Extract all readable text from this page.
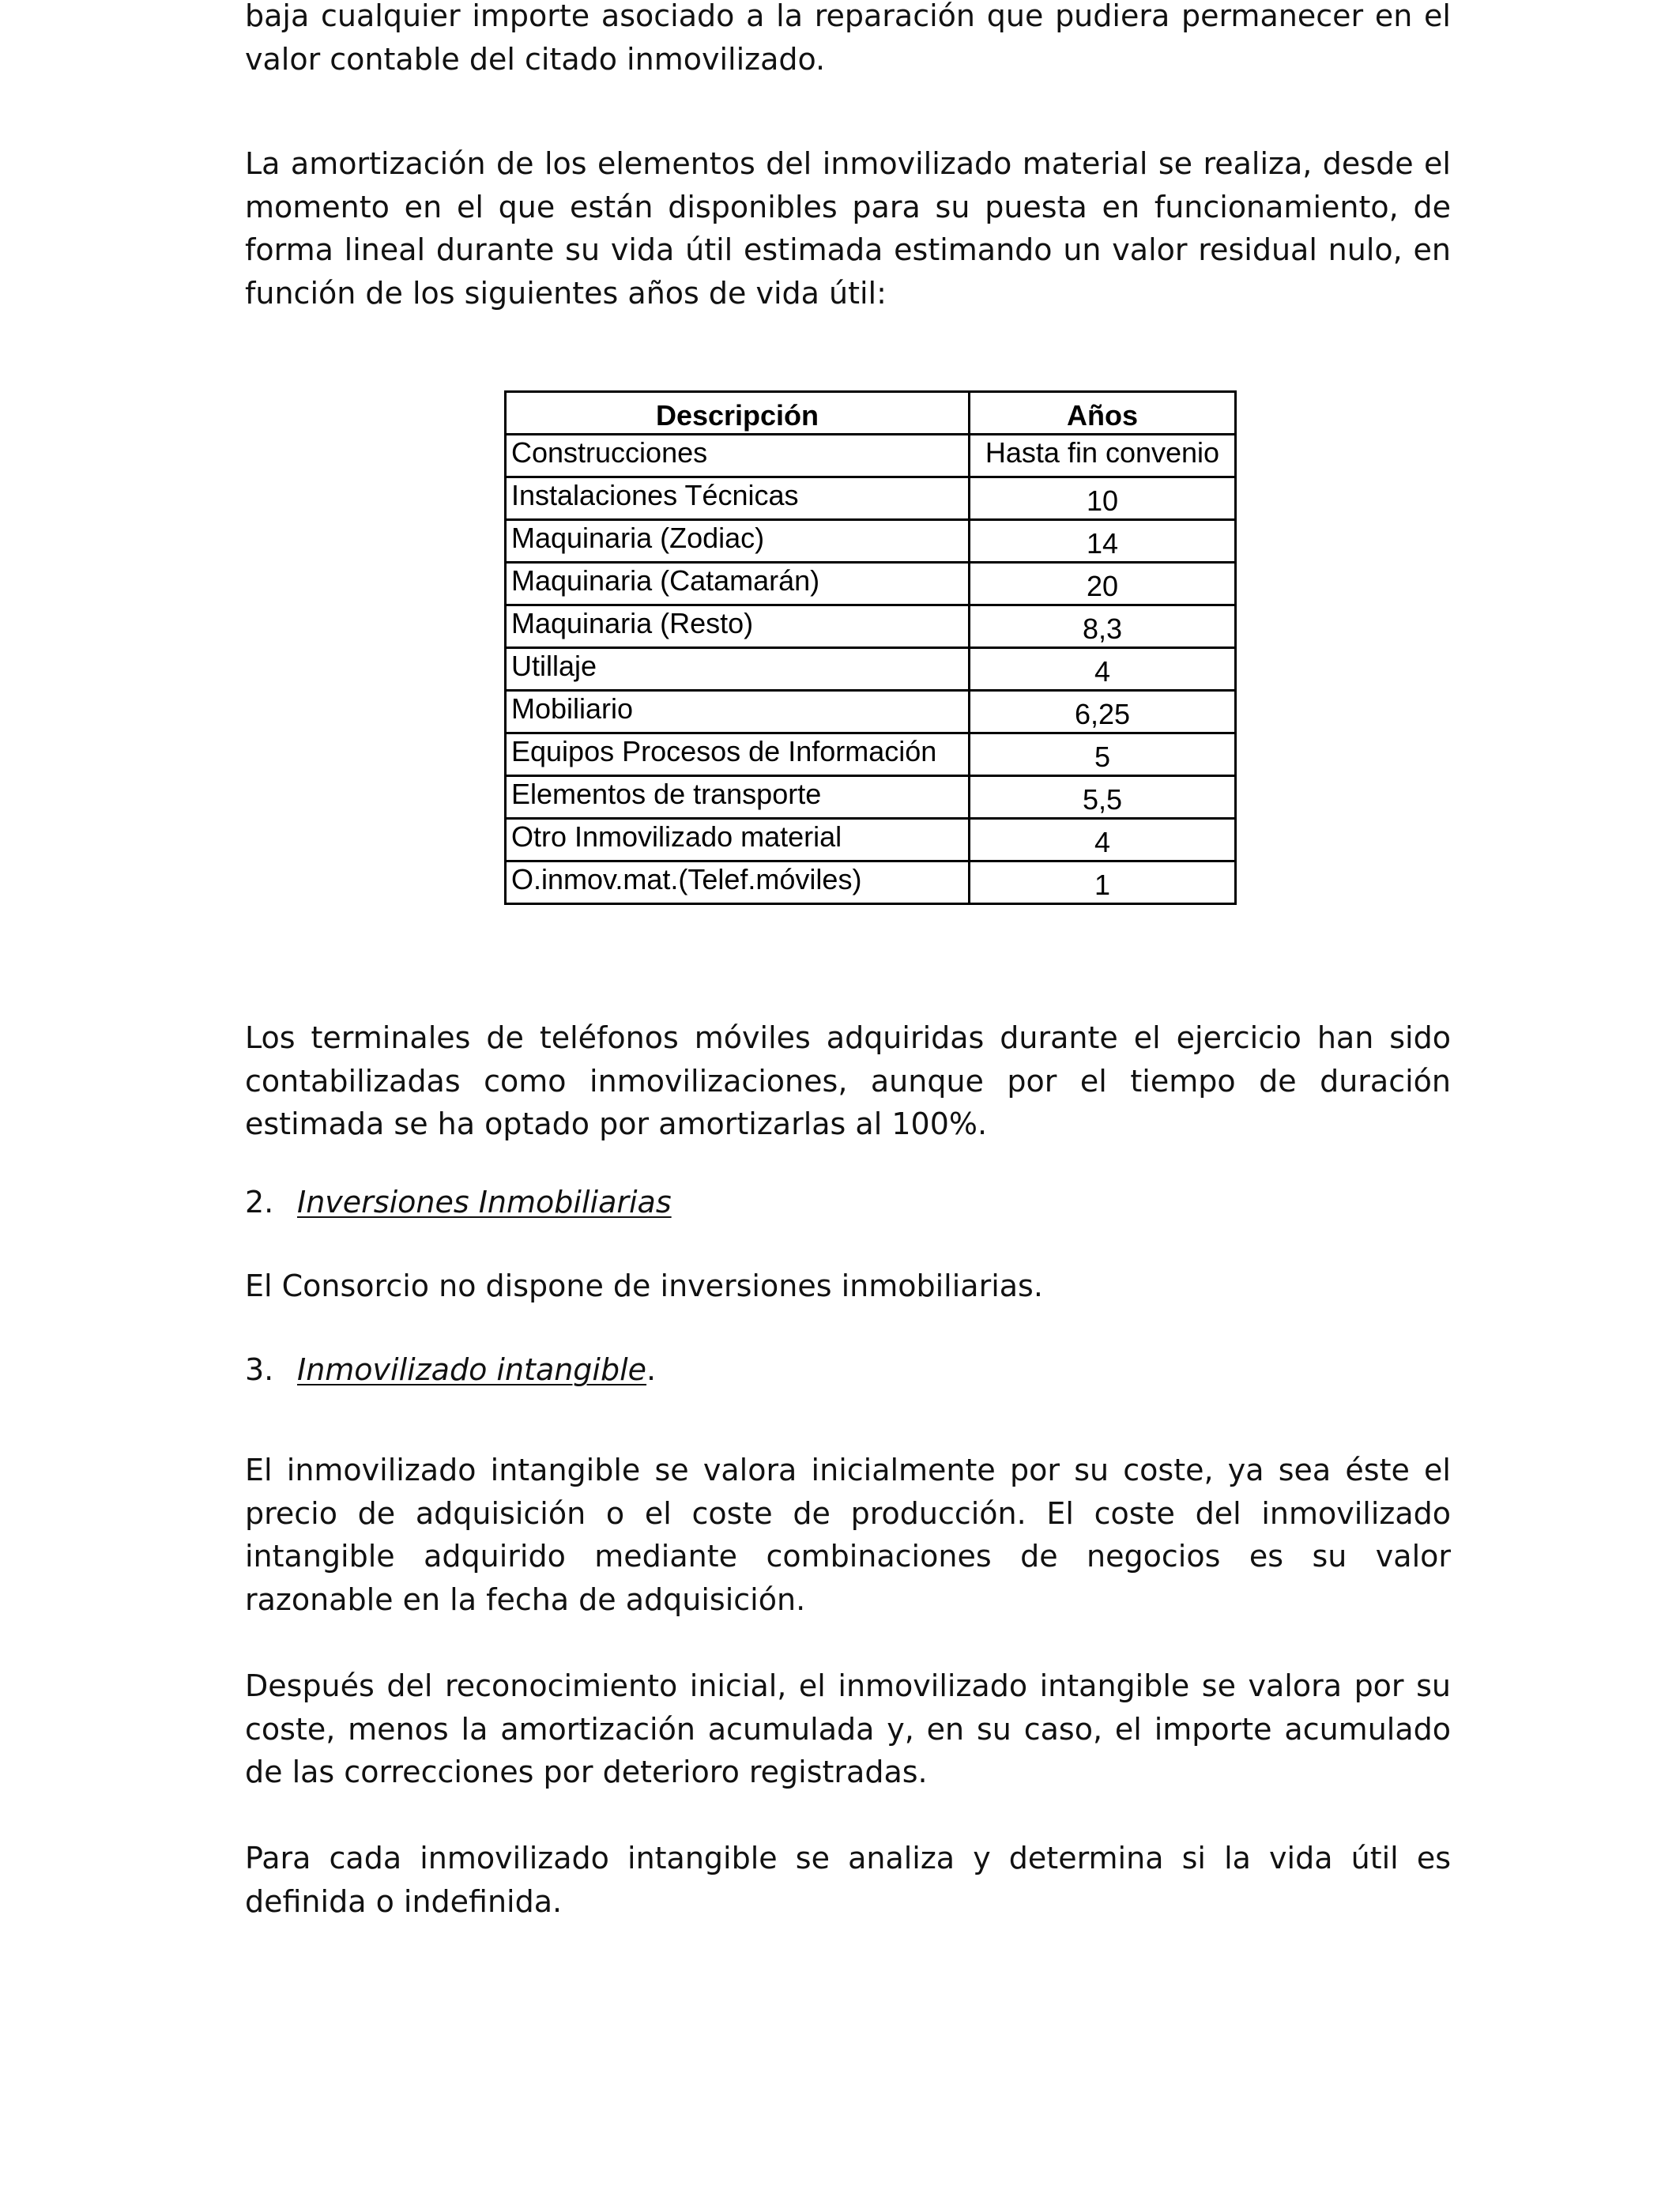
baja cualquier importe asociado a la reparación que pudiera permanecer en el valor contable del citado inmovilizado.

La amortización de los elementos del inmovilizado material se realiza, desde el momento en el que están disponibles para su puesta en funcionamiento, de forma lineal durante su vida útil estimada estimando un valor residual nulo, en función de los siguientes años de vida útil:

Descripción	Años
Construcciones	Hasta fin convenio
Instalaciones Técnicas	10
Maquinaria (Zodiac)	14
Maquinaria (Catamarán)	20
Maquinaria (Resto)	8,3
Utillaje	4
Mobiliario	6,25
Equipos Procesos de Información	5
Elementos de transporte	5,5
Otro Inmovilizado material	4
O.inmov.mat.(Telef.móviles)	1

Los terminales de teléfonos móviles adquiridas durante el ejercicio han sido contabilizadas como inmovilizaciones, aunque por el tiempo de duración estimada se ha optado por amortizarlas al 100%.

2. Inversiones Inmobiliarias

El Consorcio no dispone de inversiones inmobiliarias.

3. Inmovilizado intangible.

El inmovilizado intangible se valora inicialmente por su coste, ya sea éste el precio de adquisición o el coste de producción. El coste del inmovilizado intangible adquirido mediante combinaciones de negocios es su valor razonable en la fecha de adquisición.

Después del reconocimiento inicial, el inmovilizado intangible se valora por su coste, menos la amortización acumulada y, en su caso, el importe acumulado de las correcciones por deterioro registradas.

Para cada inmovilizado intangible se analiza y determina si la vida útil es definida o indefinida.
